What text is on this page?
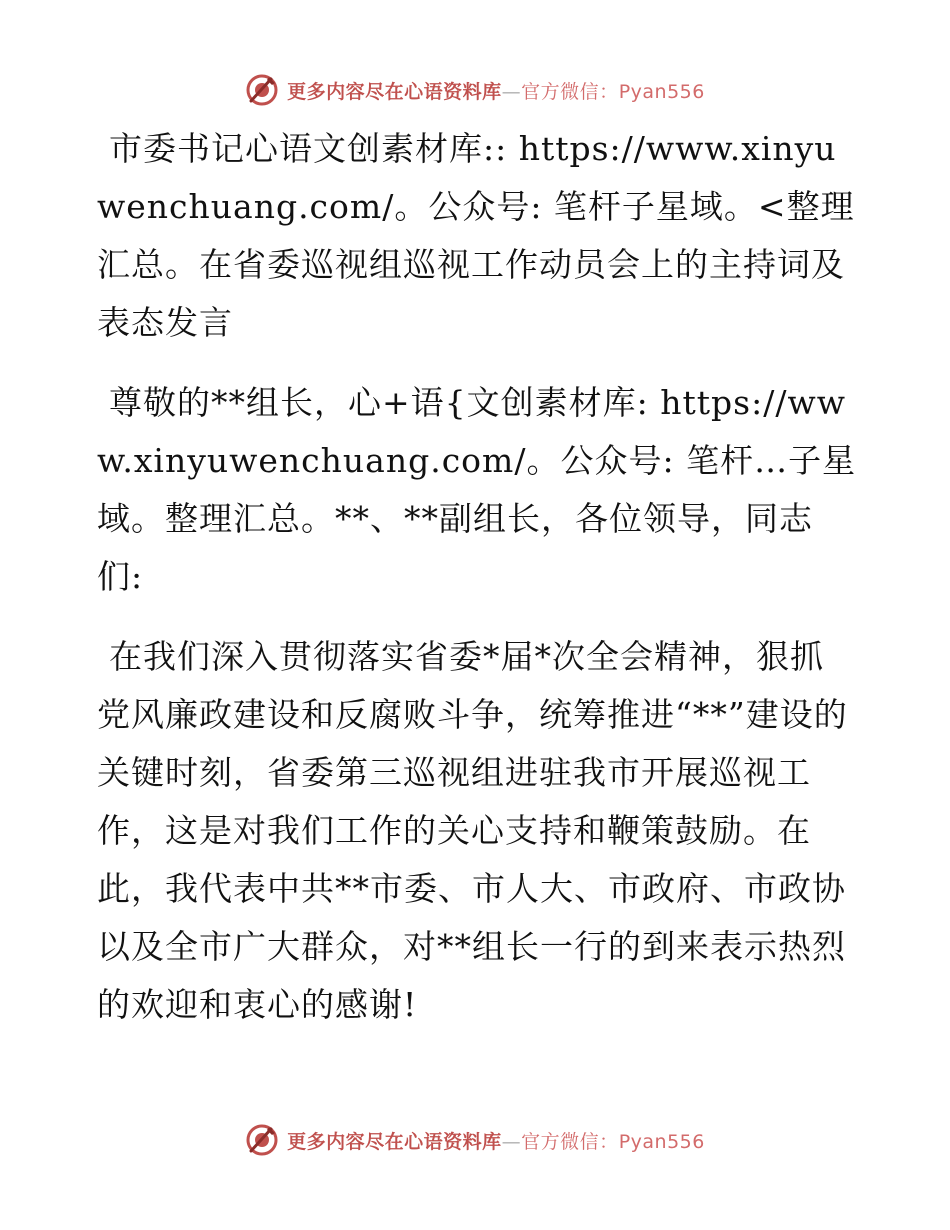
更多内容尽在心语资料库—官方微信：Pyan556

市委书记心语文创素材库:: https://www.xinyuwenchuang.com/。公众号: 笔杆子星域。<整理汇总。在省委巡视组巡视工作动员会上的主持词及表态发言

尊敬的**组长，心+语{文创素材库: https://www.xinyuwenchuang.com/。公众号: 笔杆…子星域。整理汇总。**、**副组长，各位领导，同志们:

在我们深入贯彻落实省委*届*次全会精神，狠抓党风廉政建设和反腐败斗争，统筹推进“**”建设的关键时刻，省委第三巡视组进驻我市开展巡视工作，这是对我们工作的关心支持和鞭策鼓励。在此，我代表中共**市委、市人大、市政府、市政协以及全市广大群众，对**组长一行的到来表示热烈的欢迎和衷心的感谢!

更多内容尽在心语资料库—官方微信：Pyan556
